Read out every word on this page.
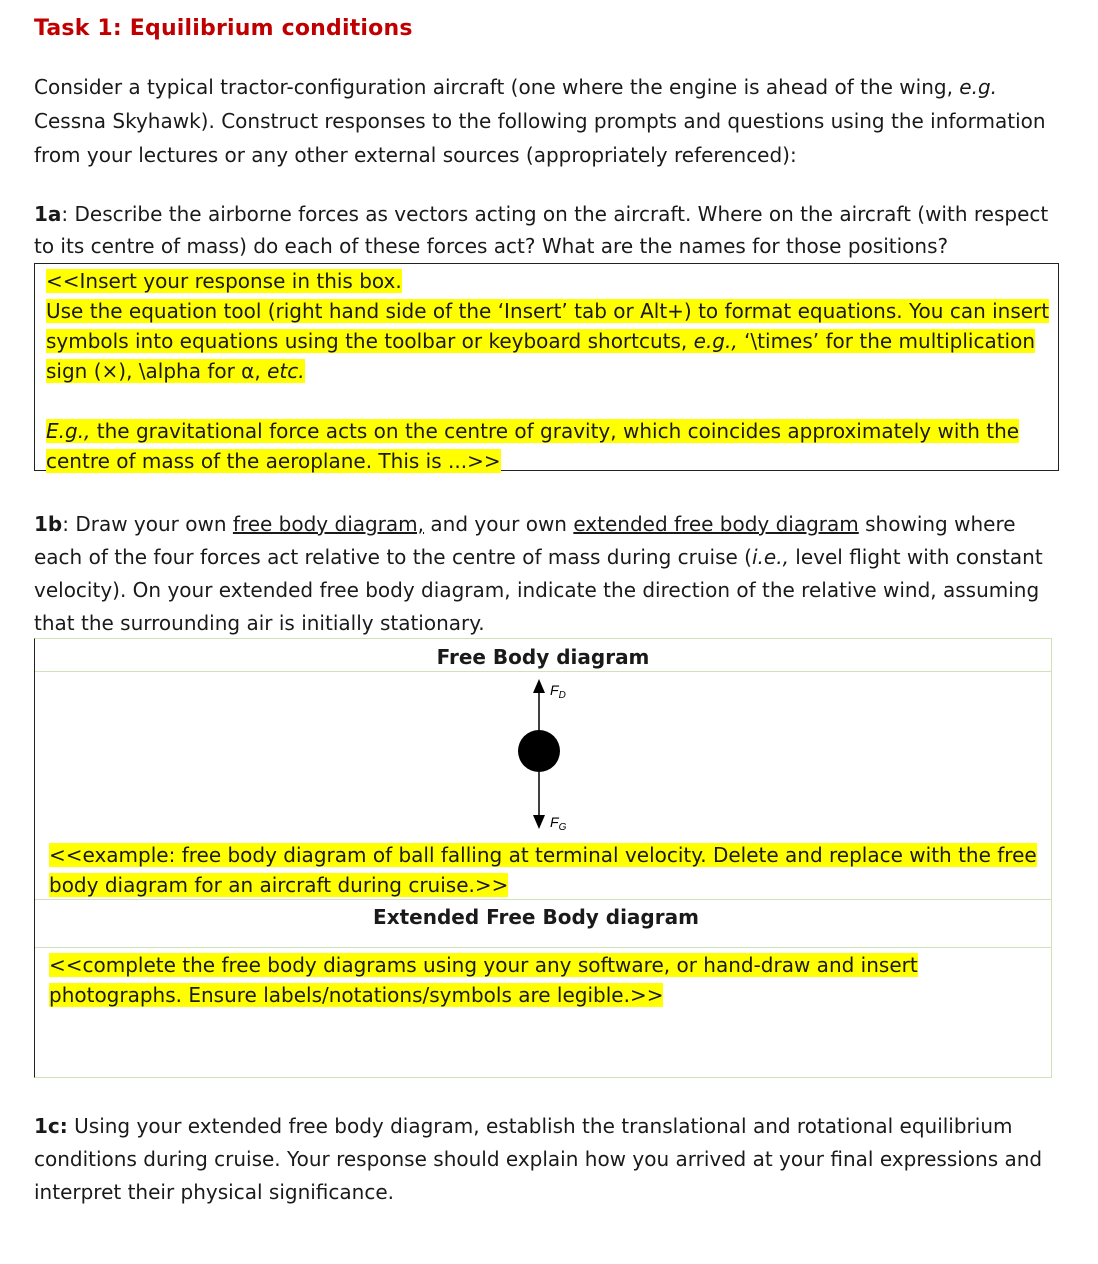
Task 1: Equilibrium conditions
Consider a typical tractor-configuration aircraft (one where the engine is ahead of the wing, e.g.
Cessna Skyhawk). Construct responses to the following prompts and questions using the information
from your lectures or any other external sources (appropriately referenced):
1a: Describe the airborne forces as vectors acting on the aircraft. Where on the aircraft (with respect
to its centre of mass) do each of these forces act? What are the names for those positions?
<<Insert your response in this box.
Use the equation tool (right hand side of the ‘Insert’ tab or Alt+) to format equations. You can insert
symbols into equations using the toolbar or keyboard shortcuts, e.g., ‘\times’ for the multiplication
sign (×), \alpha for α, etc.
E.g., the gravitational force acts on the centre of gravity, which coincides approximately with the
centre of mass of the aeroplane. This is ...>>
1b: Draw your own free body diagram, and your own extended free body diagram showing where
each of the four forces act relative to the centre of mass during cruise (i.e., level flight with constant
velocity). On your extended free body diagram, indicate the direction of the relative wind, assuming
that the surrounding air is initially stationary.
Free Body diagram
$F_D$
$F_G$
<<example: free body diagram of ball falling at terminal velocity. Delete and replace with the free
body diagram for an aircraft during cruise.>>
Extended Free Body diagram
<<complete the free body diagrams using your any software, or hand-draw and insert
photographs. Ensure labels/notations/symbols are legible.>>
1c: Using your extended free body diagram, establish the translational and rotational equilibrium
conditions during cruise. Your response should explain how you arrived at your final expressions and
interpret their physical significance.
